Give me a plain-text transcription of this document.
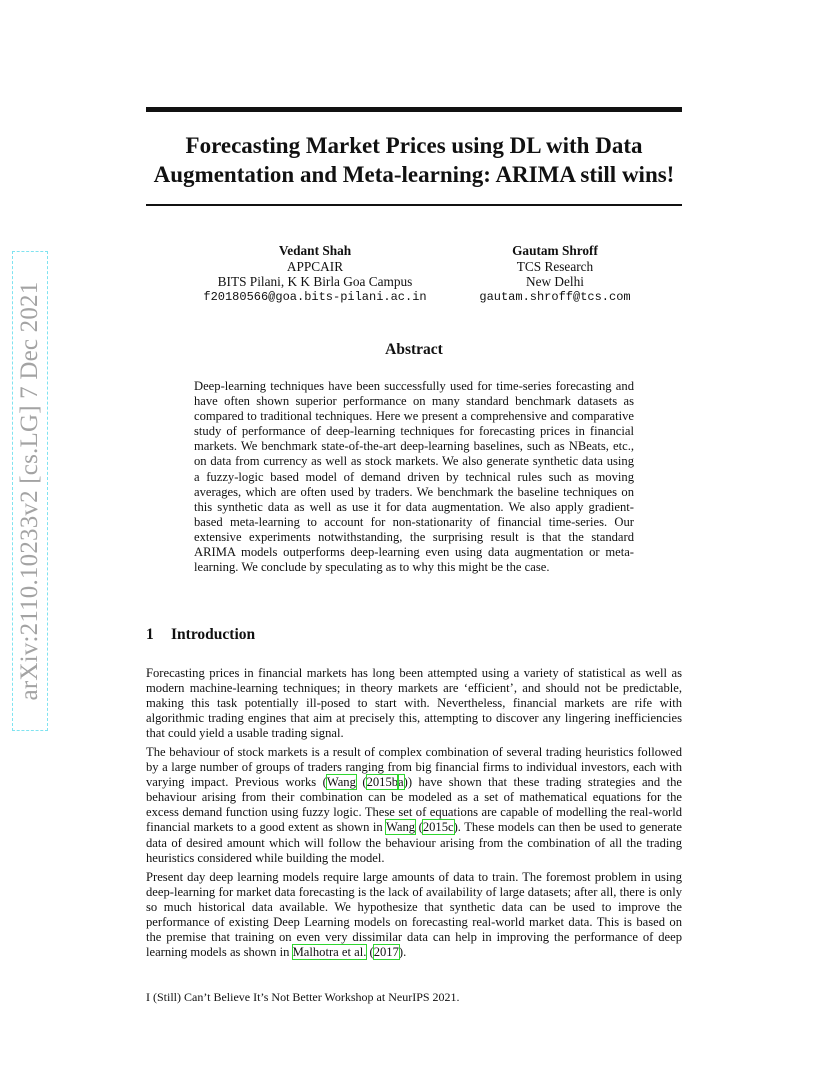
arXiv:2110.10233v2 [cs.LG] 7 Dec 2021
Forecasting Market Prices using DL with Data Augmentation and Meta-learning: ARIMA still wins!
Vedant Shah
APPCAIR
BITS Pilani, K K Birla Goa Campus
f20180566@goa.bits-pilani.ac.in
Gautam Shroff
TCS Research
New Delhi
gautam.shroff@tcs.com
Abstract
Deep-learning techniques have been successfully used for time-series forecasting and have often shown superior performance on many standard benchmark datasets as compared to traditional techniques. Here we present a comprehensive and comparative study of performance of deep-learning techniques for forecasting prices in financial markets. We benchmark state-of-the-art deep-learning baselines, such as NBeats, etc., on data from currency as well as stock markets. We also generate synthetic data using a fuzzy-logic based model of demand driven by technical rules such as moving averages, which are often used by traders. We benchmark the baseline techniques on this synthetic data as well as use it for data augmentation. We also apply gradient-based meta-learning to account for non-stationarity of financial time-series. Our extensive experiments notwithstanding, the surprising result is that the standard ARIMA models outperforms deep-learning even using data augmentation or meta-learning. We conclude by speculating as to why this might be the case.
1 Introduction

Forecasting prices in financial markets has long been attempted using a variety of statistical as well as modern machine-learning techniques; in theory markets are ‘efficient’, and should not be predictable, making this task potentially ill-posed to start with. Nevertheless, financial markets are rife with algorithmic trading engines that aim at precisely this, attempting to discover any lingering inefficiencies that could yield a usable trading signal.

The behaviour of stock markets is a result of complex combination of several trading heuristics followed by a large number of groups of traders ranging from big financial firms to individual investors, each with varying impact. Previous works (Wang (2015ba)) have shown that these trading strategies and the behaviour arising from their combination can be modeled as a set of mathematical equations for the excess demand function using fuzzy logic. These set of equations are capable of modelling the real-world financial markets to a good extent as shown in Wang (2015c). These models can then be used to generate data of desired amount which will follow the behaviour arising from the combination of all the trading heuristics considered while building the model.

Present day deep learning models require large amounts of data to train. The foremost problem in using deep-learning for market data forecasting is the lack of availability of large datasets; after all, there is only so much historical data available. We hypothesize that synthetic data can be used to improve the performance of existing Deep Learning models on forecasting real-world market data. This is based on the premise that training on even very dissimilar data can help in improving the performance of deep learning models as shown in Malhotra et al. (2017).

I (Still) Can’t Believe It’s Not Better Workshop at NeurIPS 2021.
